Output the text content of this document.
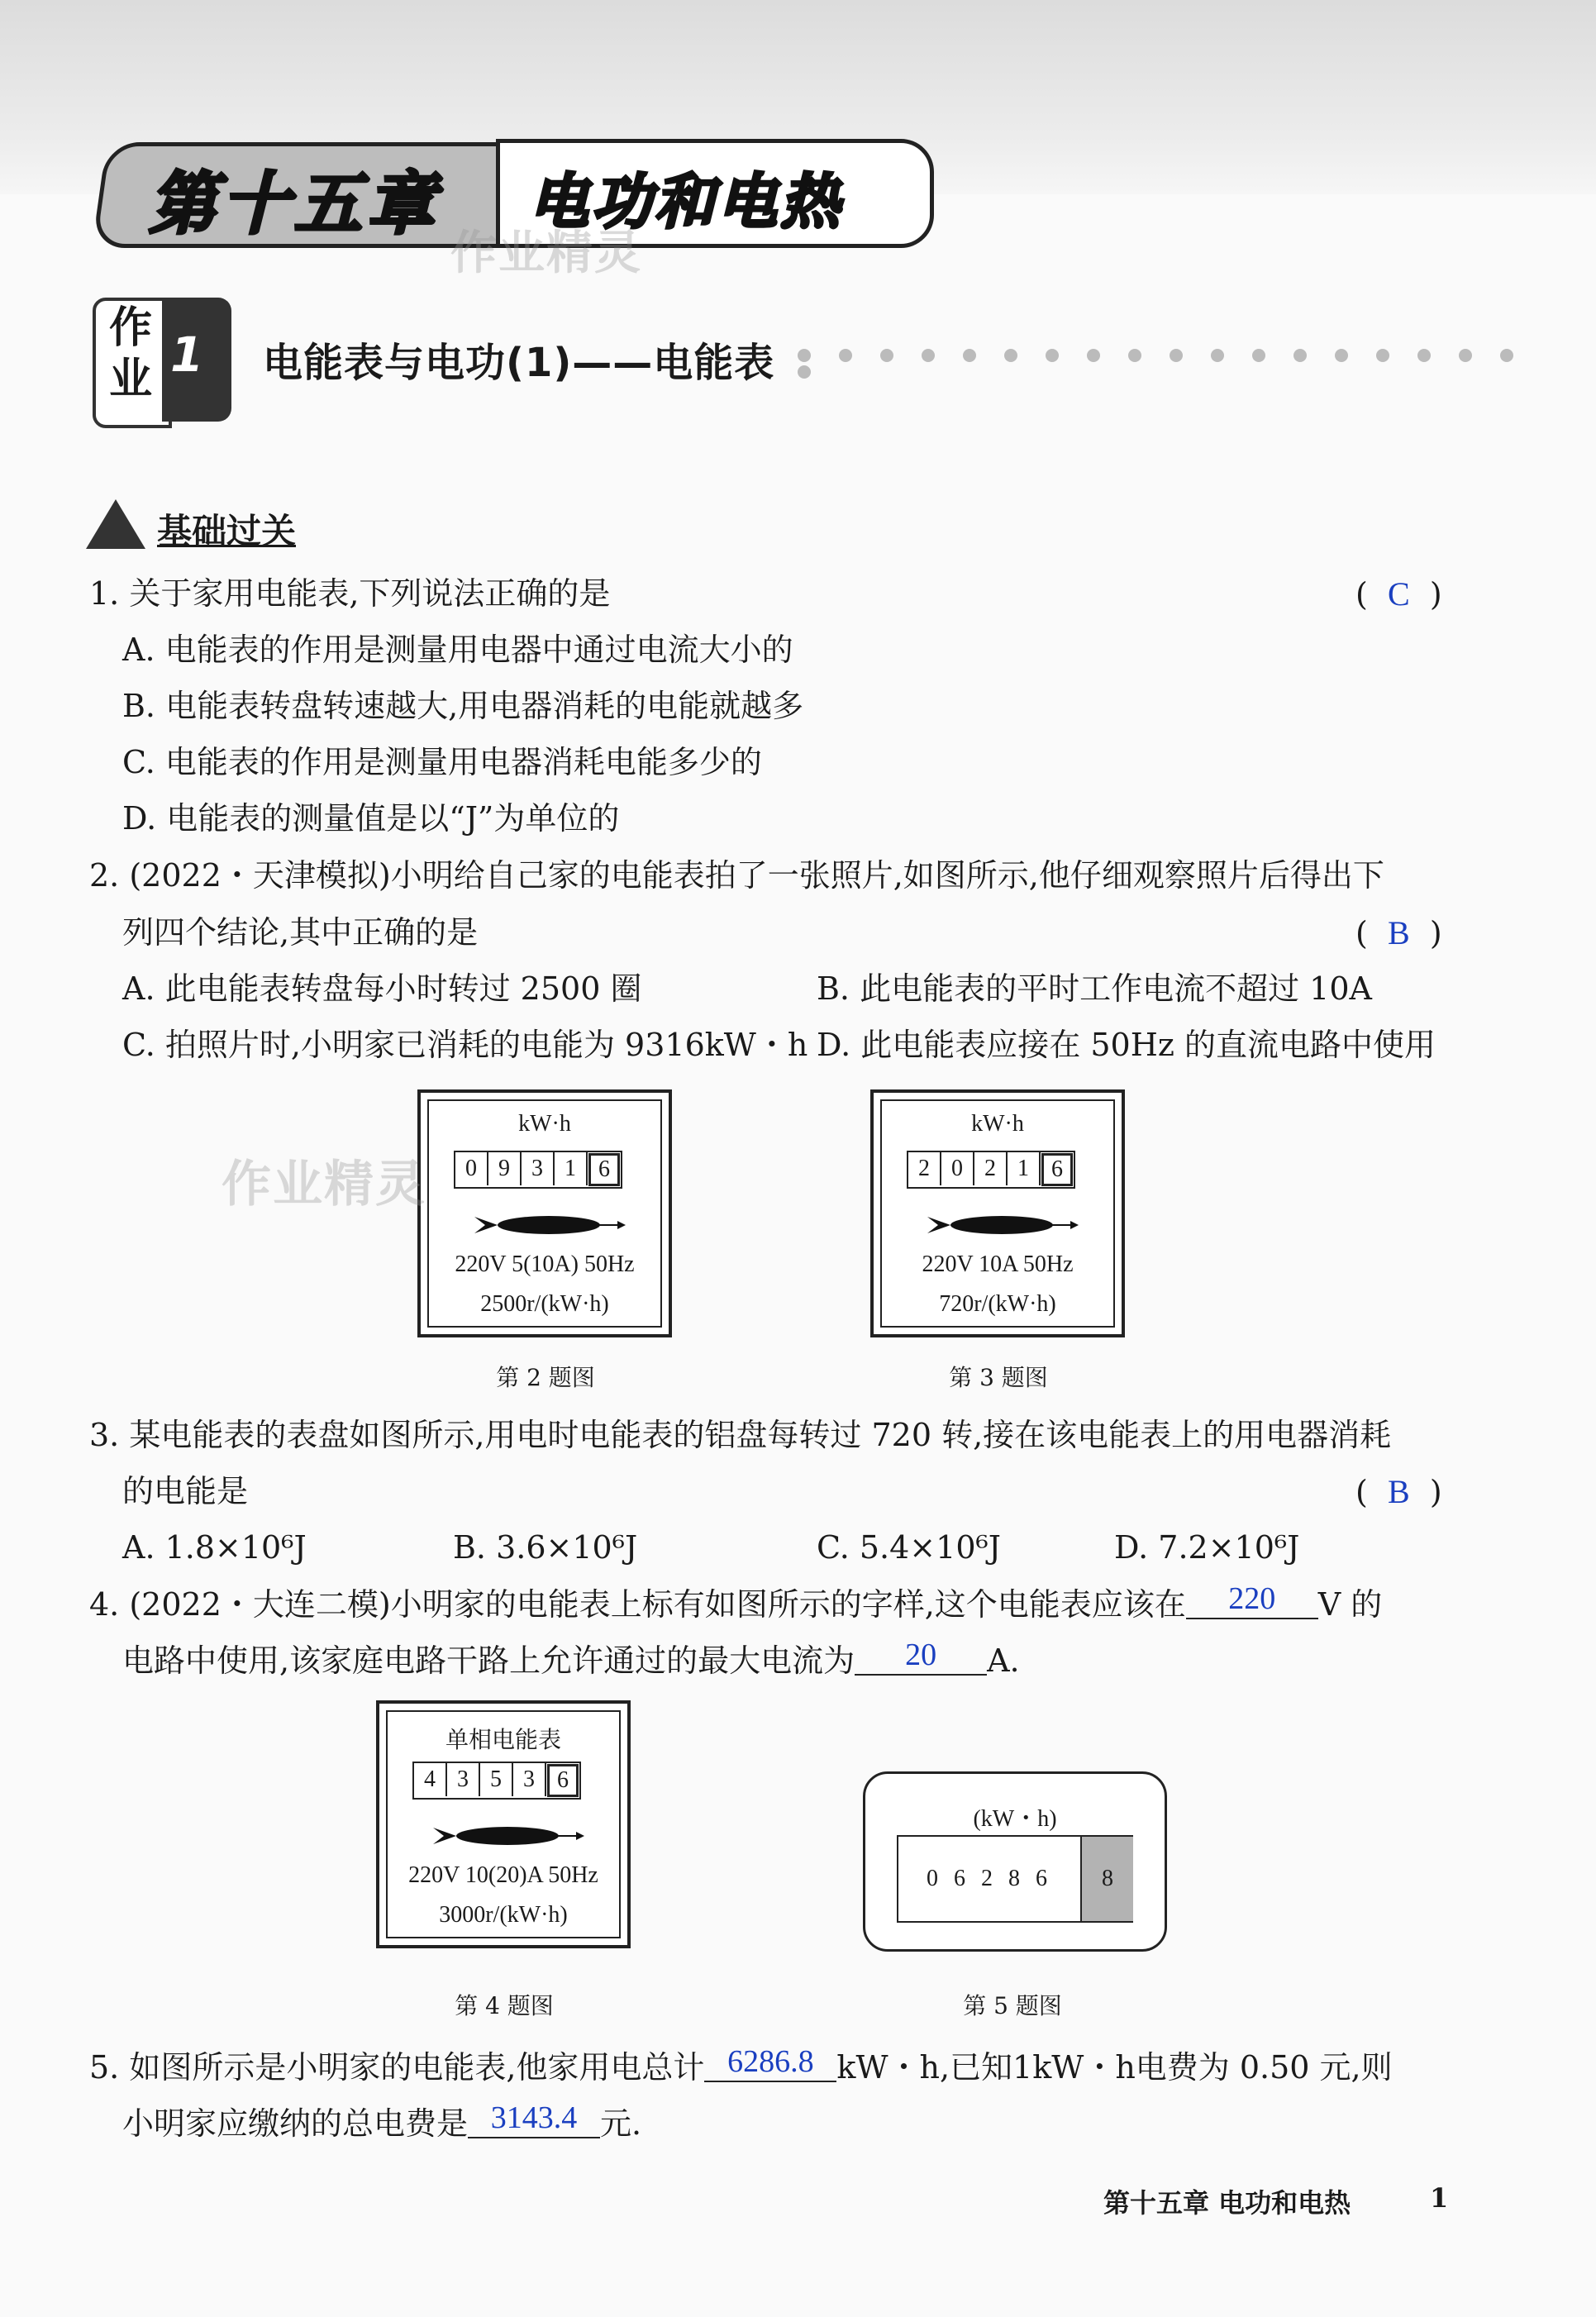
第十五章 电功和电热
作业精灵
作业 1 电能表与电功(1)——电能表
基础过关
1. 关于家用电能表,下列说法正确的是	(  C  )
A. 电能表的作用是测量用电器中通过电流大小的
B. 电能表转盘转速越大,用电器消耗的电能就越多
C. 电能表的作用是测量用电器消耗电能多少的
D. 电能表的测量值是以“J”为单位的
2. (2022・天津模拟)小明给自己家的电能表拍了一张照片,如图所示,他仔细观察照片后得出下
列四个结论,其中正确的是	(  B  )
A. 此电能表转盘每小时转过 2500 圈	B. 此电能表的平时工作电流不超过 10A
C. 拍照片时,小明家已消耗的电能为 9316kW・h D. 此电能表应接在 50Hz 的直流电路中使用
kW·h
0 9 3 1 6
220V 5(10A) 50Hz
2500r/(kW·h)
第 2 题图
作业精灵
kW·h
2 0 2 1 6
220V 10A 50Hz
720r/(kW·h)
第 3 题图
3. 某电能表的表盘如图所示,用电时电能表的铝盘每转过 720 转,接在该电能表上的用电器消耗
的电能是	(  B  )
A. 1.8×10⁶J	B. 3.6×10⁶J	C. 5.4×10⁶J	D. 7.2×10⁶J
4. (2022・大连二模)小明家的电能表上标有如图所示的字样,这个电能表应该在 220 V 的
电路中使用,该家庭电路干路上允许通过的最大电流为 20 A.
单相电能表
4 3 5 3 6
220V 10(20)A 50Hz
3000r/(kW·h)
第 4 题图
(kW・h)
0 6 2 8 6	8
第 5 题图
5. 如图所示是小明家的电能表,他家用电总计 6286.8 kW・h,已知1kW・h电费为 0.50 元,则
小明家应缴纳的总电费是 3143.4 元.
第十五章 电功和电热	1
